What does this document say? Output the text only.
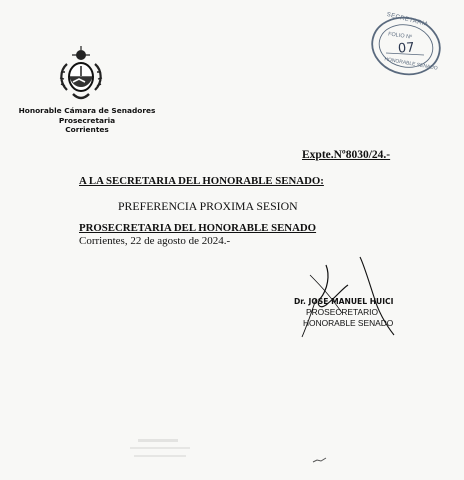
Honorable Cámara de Senadores
Prosecretaria
Corrientes
SECRETARIA
FOLIO Nº
07
HONORABLE SENADO
Expte.Nº8030/24.-
A LA SECRETARIA DEL HONORABLE SENADO:
PREFERENCIA PROXIMA SESION
PROSECRETARIA DEL HONORABLE SENADO
Corrientes, 22 de agosto de 2024.-
Dr. JOSE MANUEL HUICI
PROSECRETARIO
HONORABLE SENADO
